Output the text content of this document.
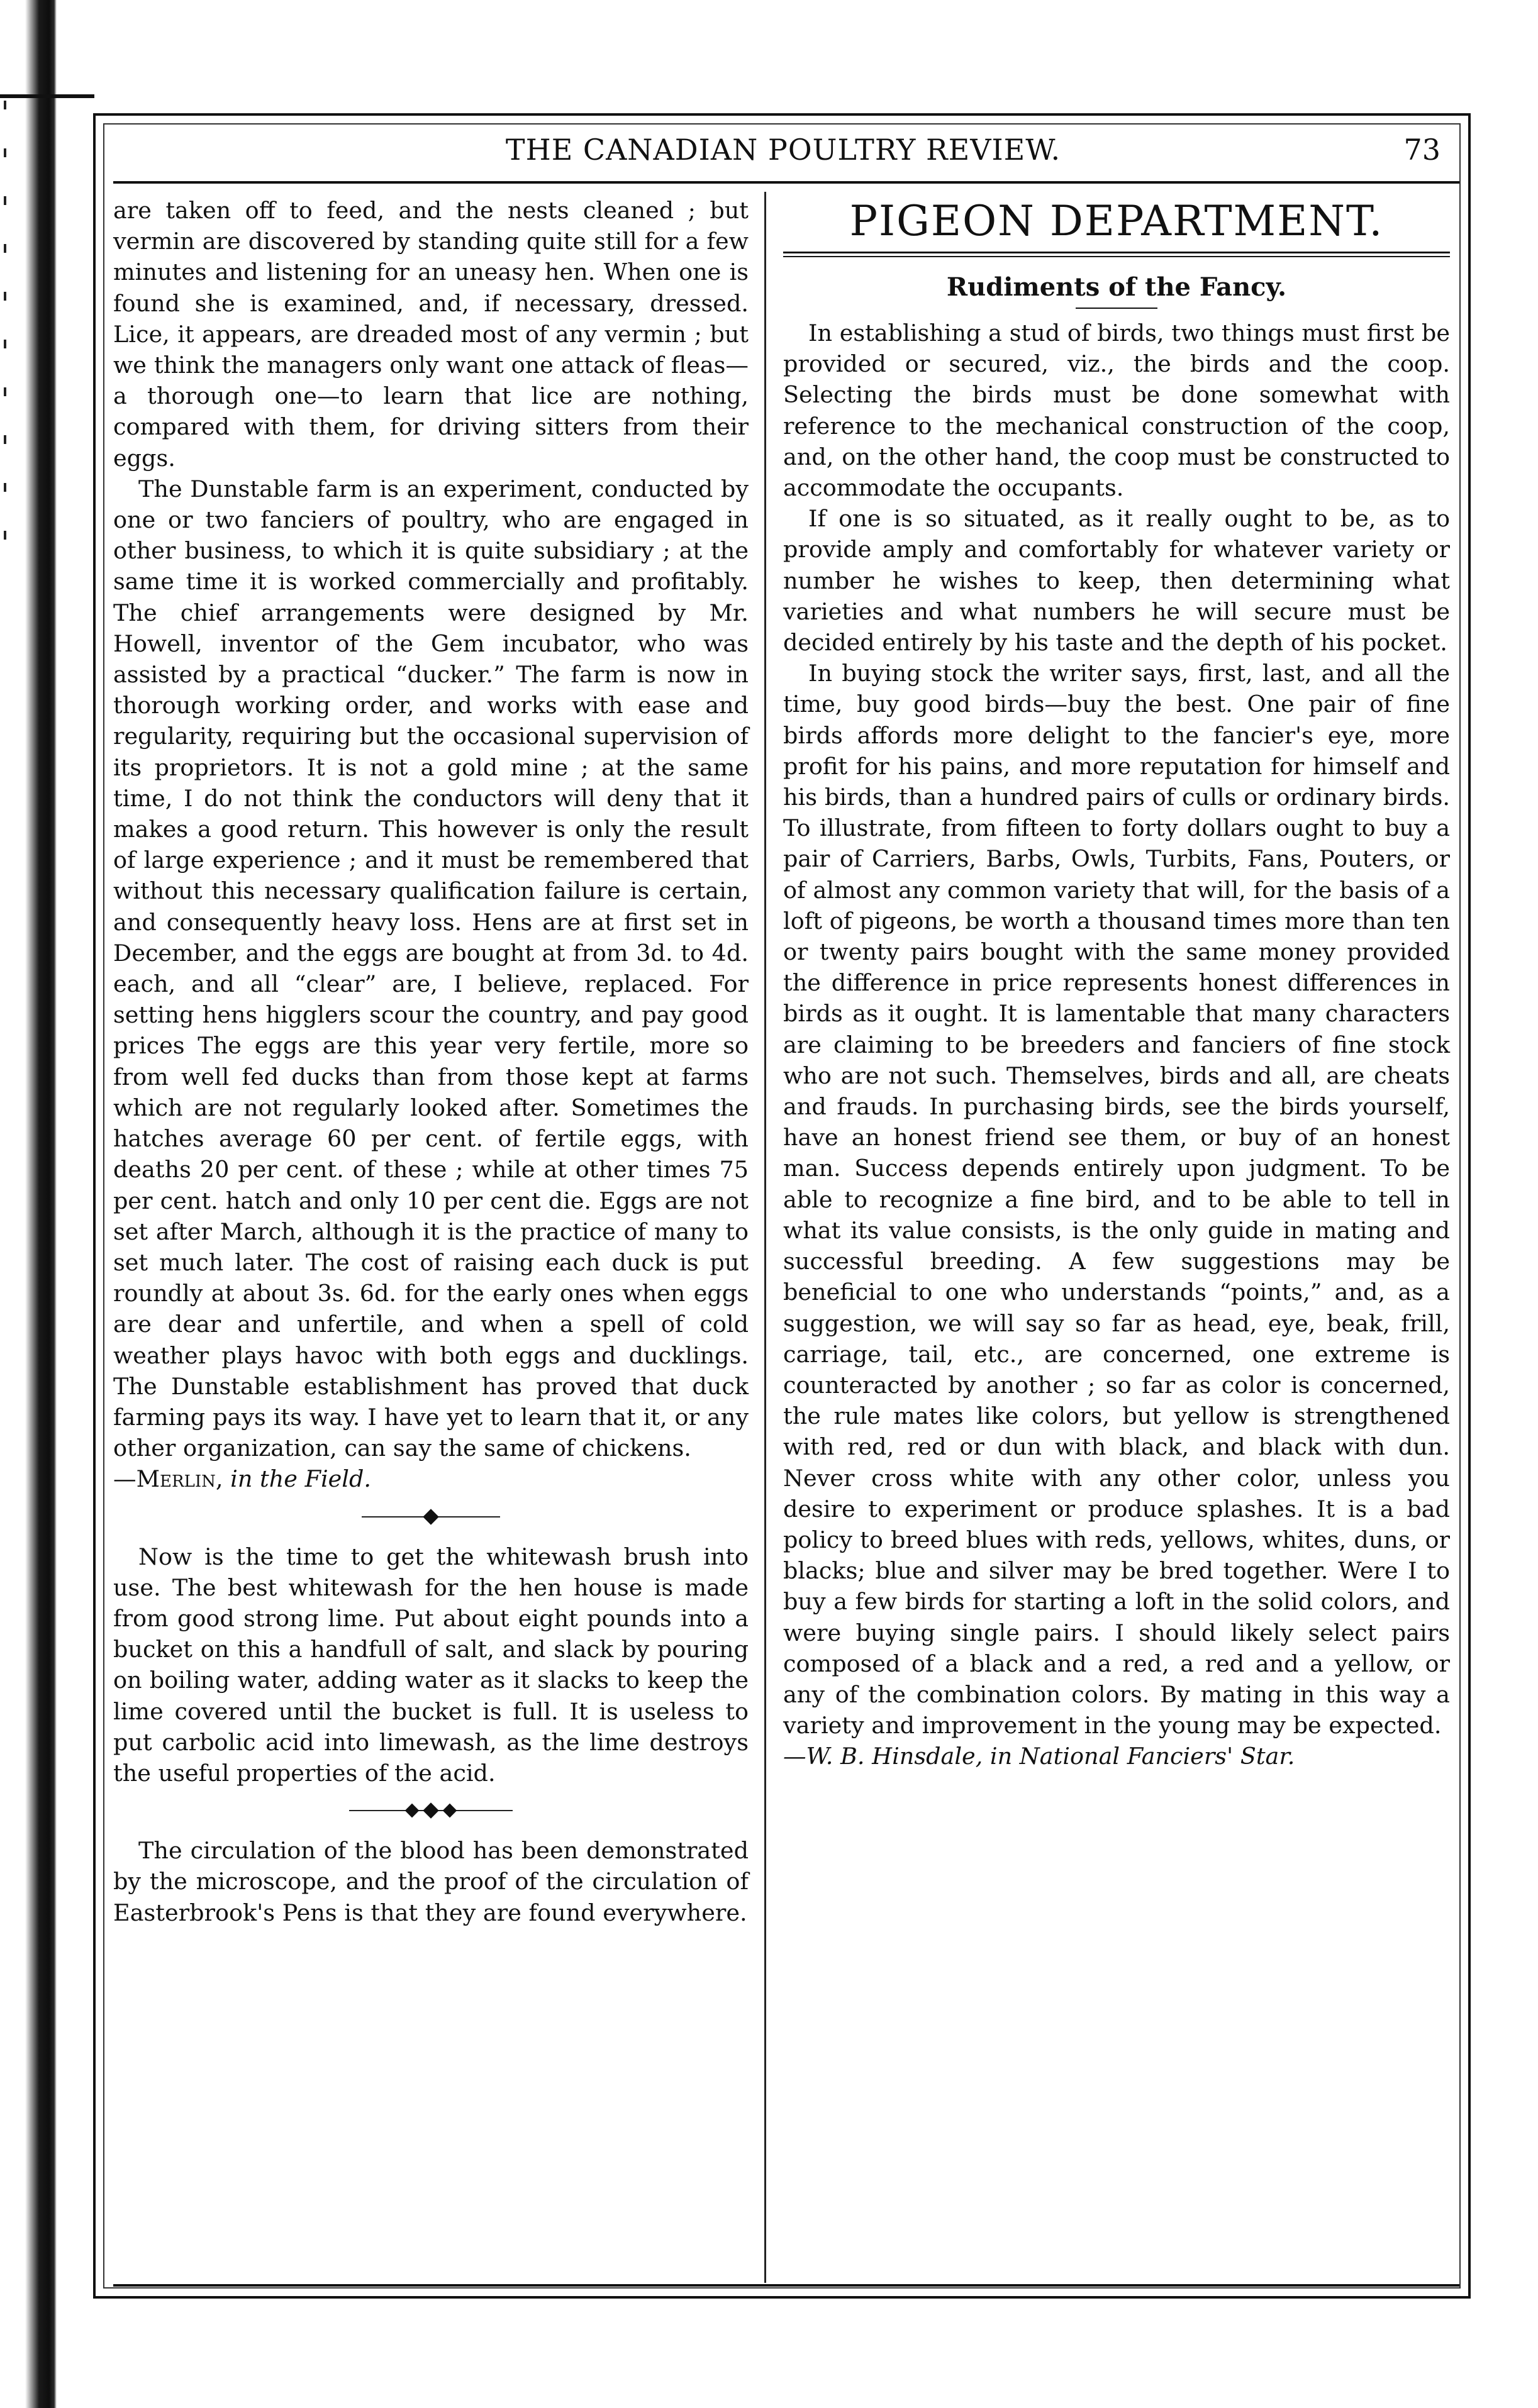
THE CANADIAN POULTRY REVIEW.	73

are taken off to feed, and the nests cleaned ; but vermin are discovered by standing quite still for a few minutes and listening for an uneasy hen. When one is found she is examined, and, if necessary, dressed. Lice, it appears, are dreaded most of any vermin ; but we think the managers only want one attack of fleas—a thorough one—to learn that lice are nothing, compared with them, for driving sitters from their eggs.

The Dunstable farm is an experiment, conducted by one or two fanciers of poultry, who are engaged in other business, to which it is quite subsidiary ; at the same time it is worked commercially and profitably. The chief arrangements were designed by Mr. Howell, inventor of the Gem incubator, who was assisted by a practical “ducker.” The farm is now in thorough working order, and works with ease and regularity, requiring but the occasional supervision of its proprietors. It is not a gold mine ; at the same time, I do not think the conductors will deny that it makes a good return. This however is only the result of large experience ; and it must be remembered that without this necessary qualification failure is certain, and consequently heavy loss. Hens are at first set in December, and the eggs are bought at from 3d. to 4d. each, and all “clear” are, I believe, replaced. For setting hens higglers scour the country, and pay good prices The eggs are this year very fertile, more so from well fed ducks than from those kept at farms which are not regularly looked after. Sometimes the hatches average 60 per cent. of fertile eggs, with deaths 20 per cent. of these ; while at other times 75 per cent. hatch and only 10 per cent die. Eggs are not set after March, although it is the practice of many to set much later. The cost of raising each duck is put roundly at about 3s. 6d. for the early ones when eggs are dear and unfertile, and when a spell of cold weather plays havoc with both eggs and ducklings. The Dunstable establishment has proved that duck farming pays its way. I have yet to learn that it, or any other organization, can say the same of chickens.

—Merlin, in the Field.

Now is the time to get the whitewash brush into use. The best whitewash for the hen house is made from good strong lime. Put about eight pounds into a bucket on this a handfull of salt, and slack by pouring on boiling water, adding water as it slacks to keep the lime covered until the bucket is full. It is useless to put carbolic acid into limewash, as the lime destroys the useful properties of the acid.

The circulation of the blood has been demonstrated by the microscope, and the proof of the circulation of Easterbrook's Pens is that they are found everywhere.

PIGEON DEPARTMENT.
Rudiments of the Fancy.

In establishing a stud of birds, two things must first be provided or secured, viz., the birds and the coop. Selecting the birds must be done somewhat with reference to the mechanical construction of the coop, and, on the other hand, the coop must be constructed to accommodate the occupants.

If one is so situated, as it really ought to be, as to provide amply and comfortably for whatever variety or number he wishes to keep, then determining what varieties and what numbers he will secure must be decided entirely by his taste and the depth of his pocket.

In buying stock the writer says, first, last, and all the time, buy good birds—buy the best. One pair of fine birds affords more delight to the fancier's eye, more profit for his pains, and more reputation for himself and his birds, than a hundred pairs of culls or ordinary birds. To illustrate, from fifteen to forty dollars ought to buy a pair of Carriers, Barbs, Owls, Turbits, Fans, Pouters, or of almost any common variety that will, for the basis of a loft of pigeons, be worth a thousand times more than ten or twenty pairs bought with the same money provided the difference in price represents honest differences in birds as it ought. It is lamentable that many characters are claiming to be breeders and fanciers of fine stock who are not such. Themselves, birds and all, are cheats and frauds. In purchasing birds, see the birds yourself, have an honest friend see them, or buy of an honest man. Success depends entirely upon judgment. To be able to recognize a fine bird, and to be able to tell in what its value consists, is the only guide in mating and successful breeding. A few suggestions may be beneficial to one who understands “points,” and, as a suggestion, we will say so far as head, eye, beak, frill, carriage, tail, etc., are concerned, one extreme is counteracted by another ; so far as color is concerned, the rule mates like colors, but yellow is strengthened with red, red or dun with black, and black with dun. Never cross white with any other color, unless you desire to experiment or produce splashes. It is a bad policy to breed blues with reds, yellows, whites, duns, or blacks; blue and silver may be bred together. Were I to buy a few birds for starting a loft in the solid colors, and were buying single pairs. I should likely select pairs composed of a black and a red, a red and a yellow, or any of the combination colors. By mating in this way a variety and improvement in the young may be expected.

—W. B. Hinsdale, in National Fanciers' Star.
